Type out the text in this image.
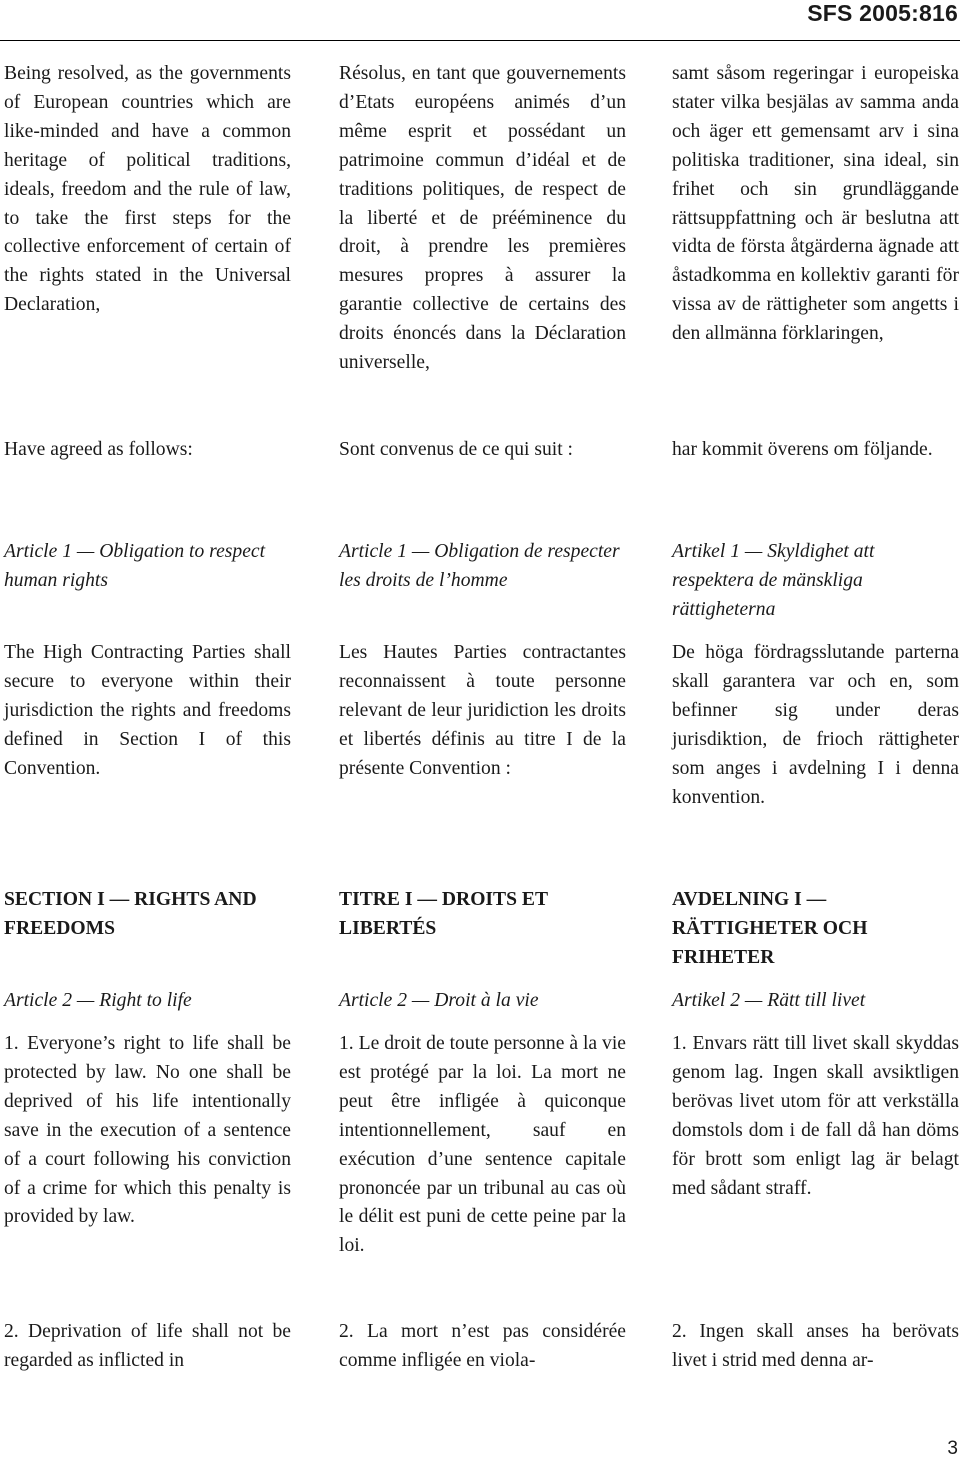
SFS 2005:816
Being resolved, as the governments of European countries which are like-minded and have a common heritage of political traditions, ideals, freedom and the rule of law, to take the first steps for the collective enforcement of certain of the rights stated in the Universal Declaration,
Have agreed as follows:
Article 1 — Obligation to respect human rights
The High Contracting Parties shall secure to everyone within their jurisdiction the rights and freedoms defined in Section I of this Convention.
SECTION I — RIGHTS AND FREEDOMS
Article 2 — Right to life
1. Everyone’s right to life shall be protected by law. No one shall be deprived of his life intentionally save in the execution of a sentence of a court following his conviction of a crime for which this penalty is provided by law.
2. Deprivation of life shall not be regarded as inflicted in
Résolus, en tant que gouvernements d’Etats européens animés d’un même esprit et possédant un patrimoine commun d’idéal et de traditions politiques, de respect de la liberté et de prééminence du droit, à prendre les premières mesures propres à assurer la garantie collective de certains des droits énoncés dans la Déclaration universelle,
Sont convenus de ce qui suit :
Article 1 — Obligation de respecter les droits de l’homme
Les Hautes Parties contractantes reconnaissent à toute personne relevant de leur juridiction les droits et libertés définis au titre I de la présente Convention :
TITRE I — DROITS ET LIBERTÉS
Article 2 — Droit à la vie
1. Le droit de toute personne à la vie est protégé par la loi. La mort ne peut être infligée à quiconque intentionnellement, sauf en exécution d’une sentence capitale prononcée par un tribunal au cas où le délit est puni de cette peine par la loi.
2. La mort n’est pas considérée comme infligée en viola-
samt såsom regeringar i europeiska stater vilka besjälas av samma anda och äger ett gemensamt arv i sina politiska traditioner, sina ideal, sin frihet och sin grundläggande rättsuppfattning och är beslutna att vidta de första åtgärderna ägnade att åstadkomma en kollektiv garanti för vissa av de rättigheter som angetts i den allmänna förklaringen,
har kommit överens om följande.
Artikel 1 — Skyldighet att respektera de mänskliga rättigheterna
De höga fördragsslutande parterna skall garantera var och en, som befinner sig under deras jurisdiktion, de frioch rättigheter som anges i avdelning I i denna konvention.
AVDELNING I — RÄTTIGHETER OCH FRIHETER
Artikel 2 — Rätt till livet
1. Envars rätt till livet skall skyddas genom lag. Ingen skall avsiktligen berövas livet utom för att verkställa domstols dom i de fall då han döms för brott som enligt lag är belagt med sådant straff.
2. Ingen skall anses ha berövats livet i strid med denna ar-
3
